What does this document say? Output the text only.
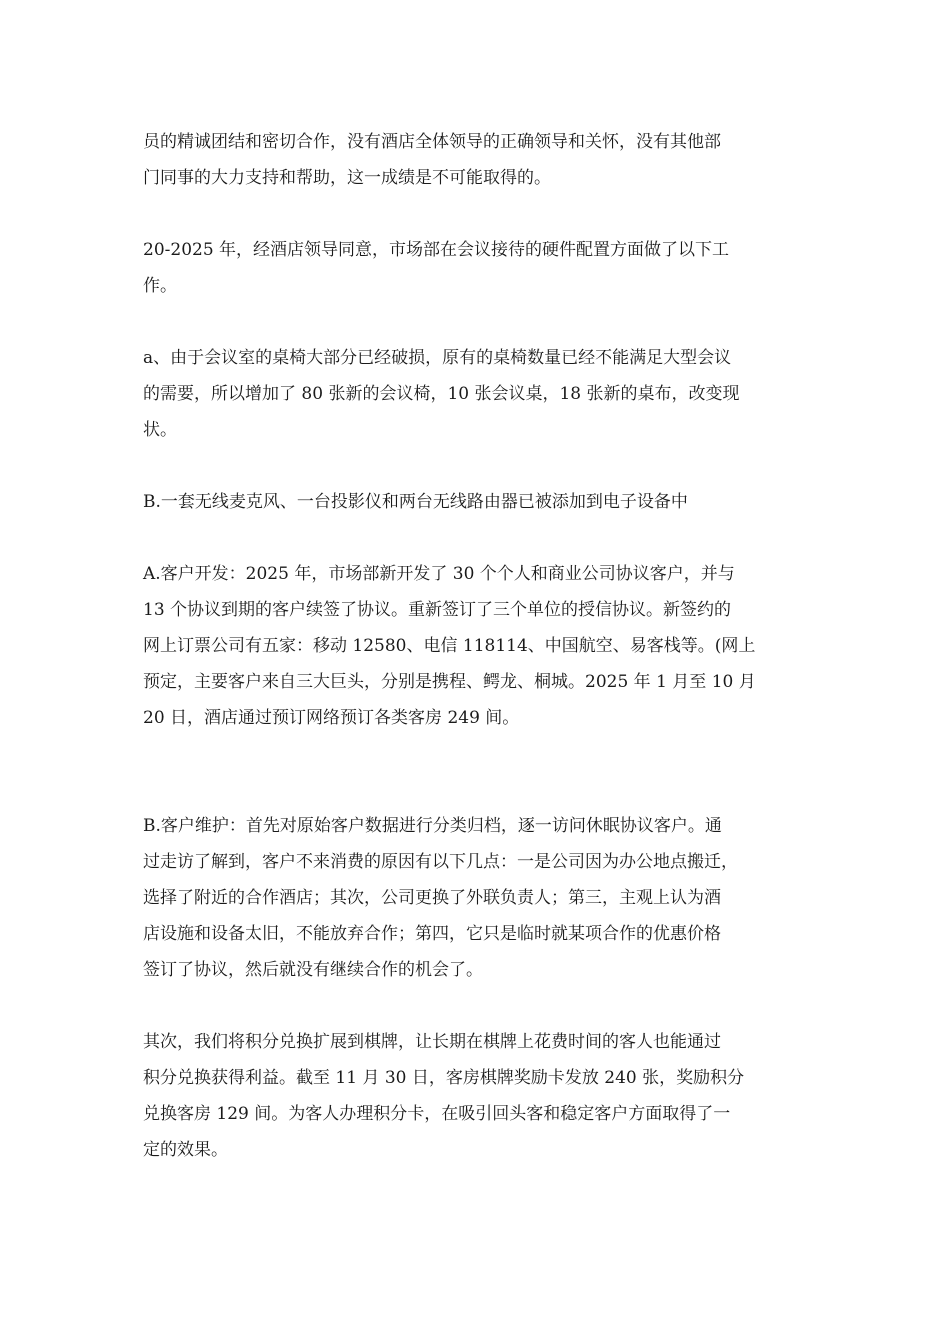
员的精诚团结和密切合作，没有酒店全体领导的正确领导和关怀，没有其他部
门同事的大力支持和帮助，这一成绩是不可能取得的。

20-2025 年，经酒店领导同意，市场部在会议接待的硬件配置方面做了以下工
作。

a、由于会议室的桌椅大部分已经破损，原有的桌椅数量已经不能满足大型会议
的需要，所以增加了 80 张新的会议椅，10 张会议桌，18 张新的桌布，改变现
状。

B.一套无线麦克风、一台投影仪和两台无线路由器已被添加到电子设备中

A.客户开发：2025 年，市场部新开发了 30 个个人和商业公司协议客户，并与
13 个协议到期的客户续签了协议。重新签订了三个单位的授信协议。新签约的
网上订票公司有五家：移动 12580、电信 118114、中国航空、易客栈等。(网上
预定，主要客户来自三大巨头，分别是携程、鳄龙、桐城。2025 年 1 月至 10 月
20 日，酒店通过预订网络预订各类客房 249 间。

B.客户维护：首先对原始客户数据进行分类归档，逐一访问休眠协议客户。通
过走访了解到，客户不来消费的原因有以下几点：一是公司因为办公地点搬迁，
选择了附近的合作酒店；其次，公司更换了外联负责人；第三，主观上认为酒
店设施和设备太旧，不能放弃合作；第四，它只是临时就某项合作的优惠价格
签订了协议，然后就没有继续合作的机会了。

其次，我们将积分兑换扩展到棋牌，让长期在棋牌上花费时间的客人也能通过
积分兑换获得利益。截至 11 月 30 日，客房棋牌奖励卡发放 240 张，奖励积分
兑换客房 129 间。为客人办理积分卡，在吸引回头客和稳定客户方面取得了一
定的效果。
